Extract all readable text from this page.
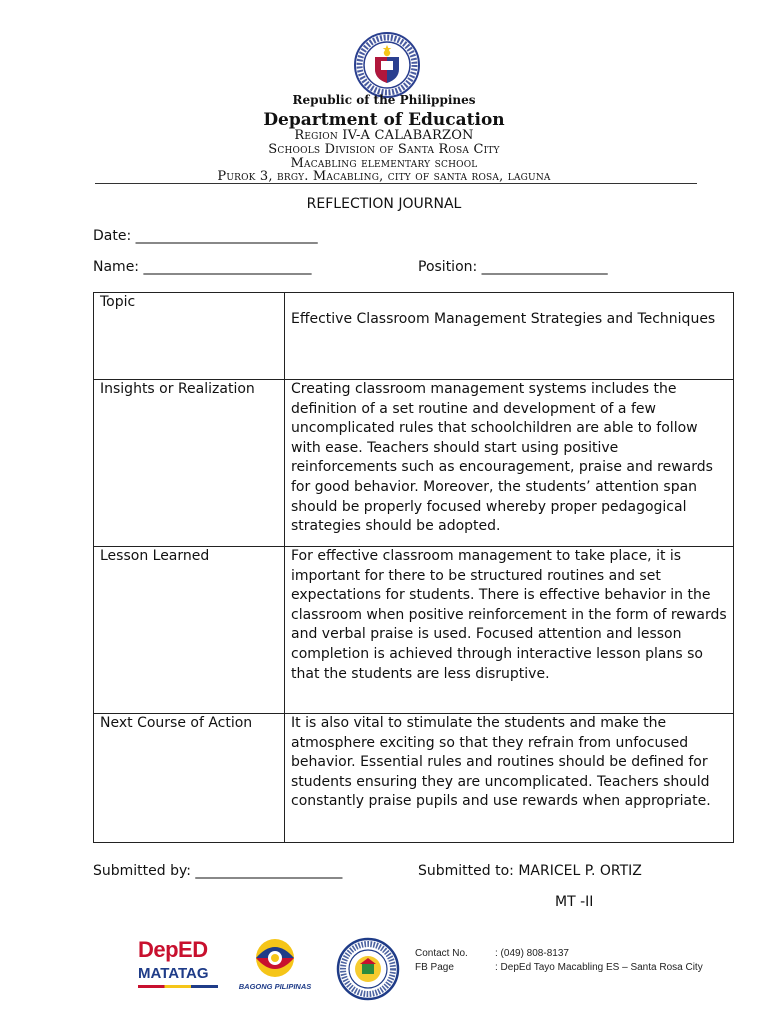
Republic of the Philippines
Department of Education
Region IV-A CALABARZON
Schools Division of Santa Rosa City
Macabling elementary school
Purok 3, brgy. Macabling, city of santa rosa, laguna
REFLECTION JOURNAL
Date: __________________________
Name: ________________________	Position: __________________
Topic	Effective Classroom Management Strategies and Techniques
Insights or Realization	Creating classroom management systems includes the definition of a set routine and development of a few uncomplicated rules that schoolchildren are able to follow with ease. Teachers should start using positive reinforcements such as encouragement, praise and rewards for good behavior. Moreover, the students’ attention span should be properly focused whereby proper pedagogical strategies should be adopted.
Lesson Learned	For effective classroom management to take place, it is important for there to be structured routines and set expectations for students. There is effective behavior in the classroom when positive reinforcement in the form of rewards and verbal praise is used. Focused attention and lesson completion is achieved through interactive lesson plans so that the students are less disruptive.
Next Course of Action	It is also vital to stimulate the students and make the atmosphere exciting so that they refrain from unfocused behavior. Essential rules and routines should be defined for students ensuring they are uncomplicated. Teachers should constantly praise pupils and use rewards when appropriate.
Submitted by: _____________________	Submitted to: MARICEL P. ORTIZ
MT -II
DepED
MATATAG
BAGONG PILIPINAS
Contact No.	: (049) 808-8137
FB Page	: DepEd Tayo Macabling ES – Santa Rosa City
